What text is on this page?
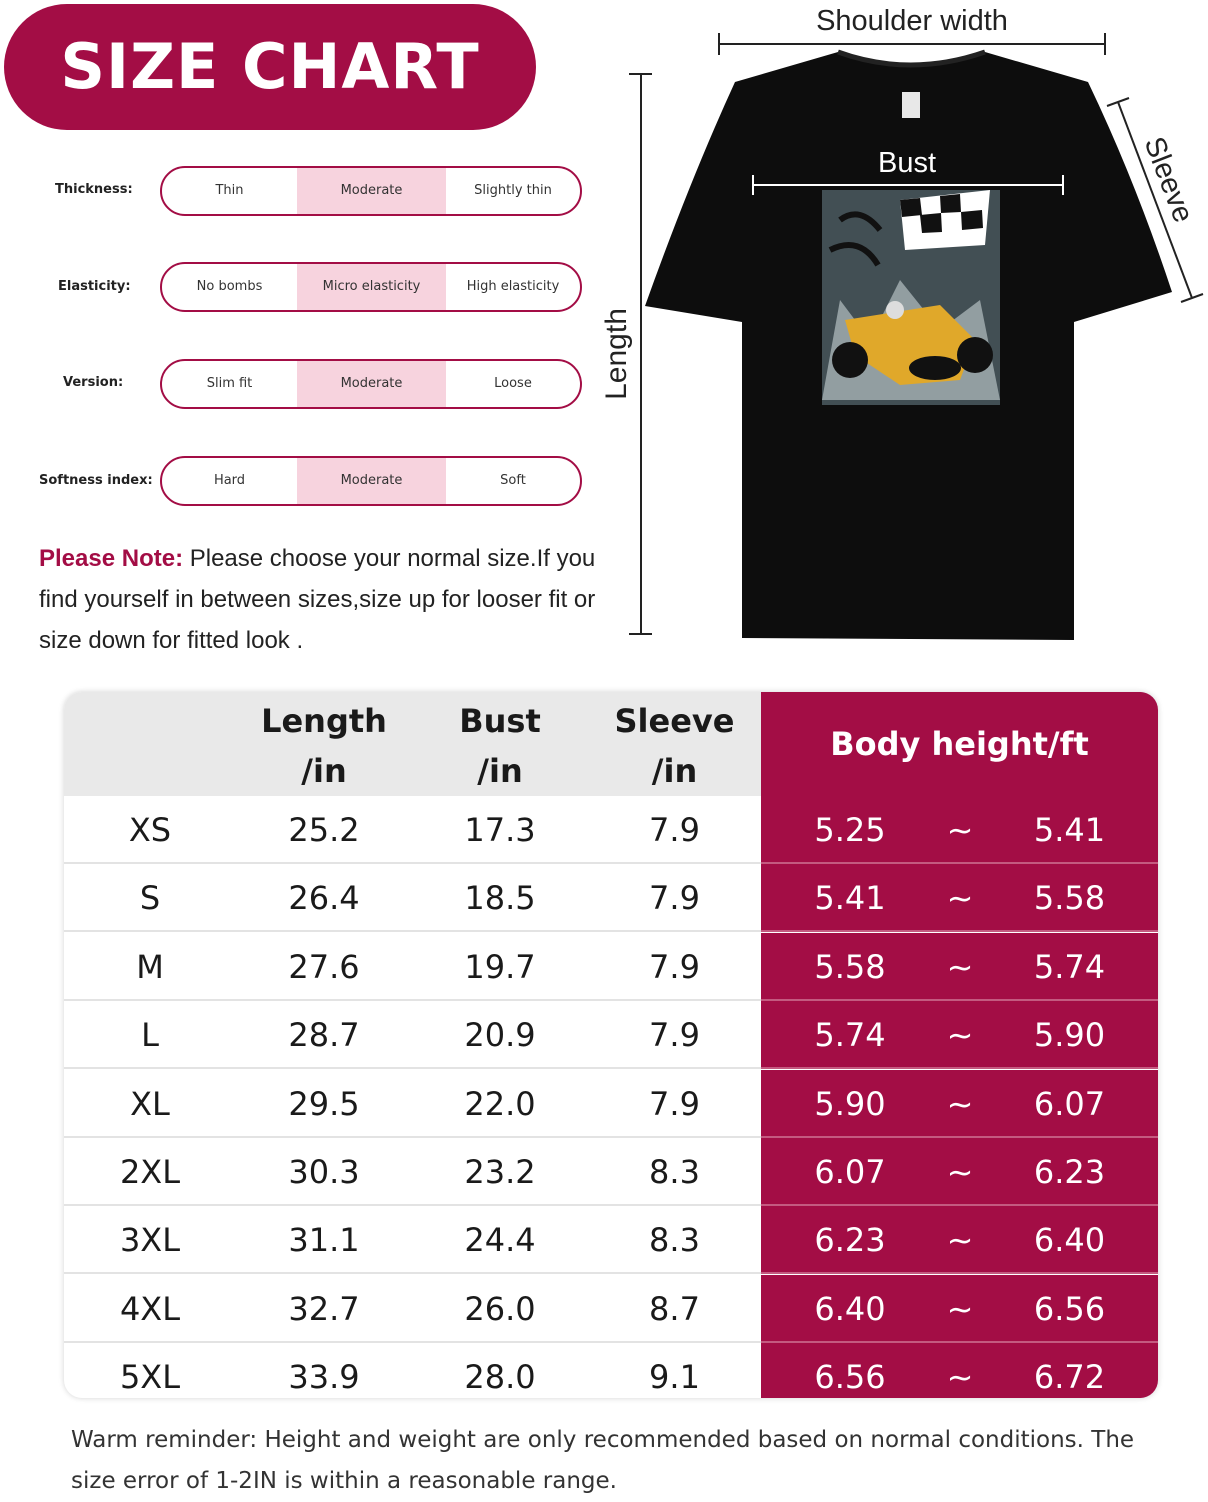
SIZE CHART
Thickness:	Thin	Moderate	Slightly thin
Elasticity:	No bombs	Micro elasticity	High elasticity
Version:	Slim fit	Moderate	Loose
Softness index:	Hard	Moderate	Soft
Please Note: Please choose your normal size.If you find yourself in between sizes,size up for looser fit or size down for fitted look .
Shoulder width
Bust
Length
Sleeve
Length
/in
Bust
/in
Sleeve
/in
Body height/ft
XS	25.2	17.3	7.9	5.25	~	5.41
S	26.4	18.5	7.9	5.41	~	5.58
M	27.6	19.7	7.9	5.58	~	5.74
L	28.7	20.9	7.9	5.74	~	5.90
XL	29.5	22.0	7.9	5.90	~	6.07
2XL	30.3	23.2	8.3	6.07	~	6.23
3XL	31.1	24.4	8.3	6.23	~	6.40
4XL	32.7	26.0	8.7	6.40	~	6.56
5XL	33.9	28.0	9.1	6.56	~	6.72
Warm reminder: Height and weight are only recommended based on normal conditions. The size error of 1-2IN is within a reasonable range.
